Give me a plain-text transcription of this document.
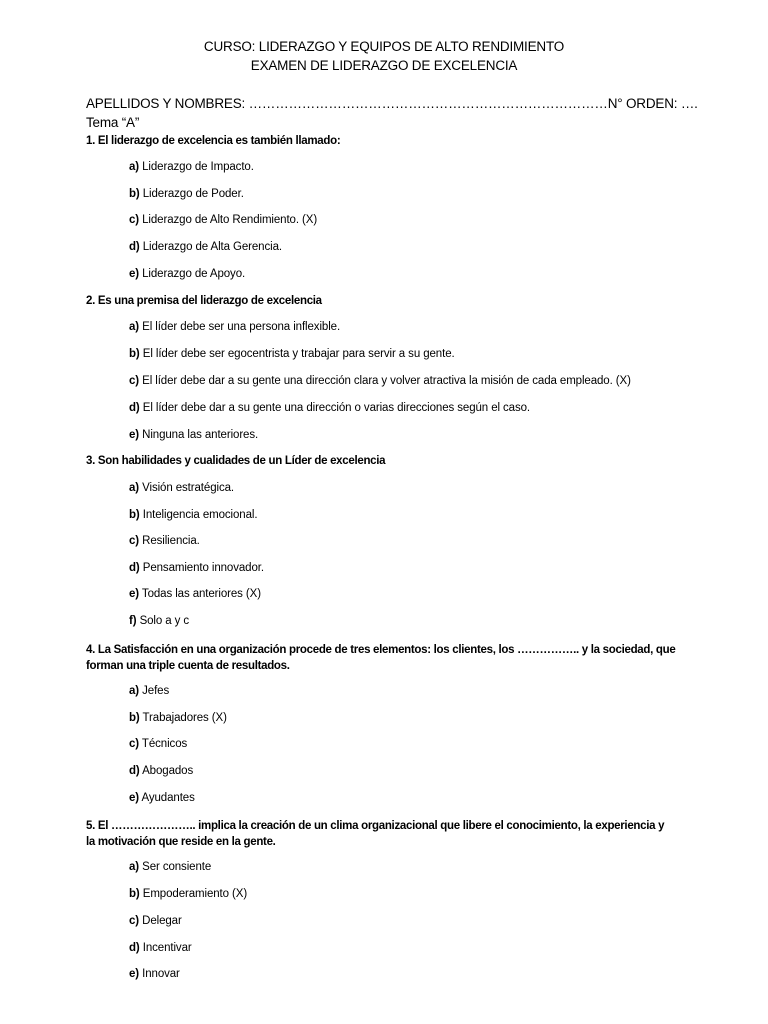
CURSO: LIDERAZGO Y EQUIPOS DE ALTO RENDIMIENTO
EXAMEN DE LIDERAZGO DE EXCELENCIA
APELLIDOS Y NOMBRES: ………………………………………………………………………N° ORDEN: ….
Tema “A”
1. El liderazgo de excelencia es también llamado:
a) Liderazgo de Impacto.
b) Liderazgo de Poder.
c) Liderazgo de Alto Rendimiento. (X)
d) Liderazgo de Alta Gerencia.
e) Liderazgo de Apoyo.
2. Es una premisa del liderazgo de excelencia
a) El líder debe ser una persona inflexible.
b) El líder debe ser egocentrista y trabajar para servir a su gente.
c) El líder debe dar a su gente una dirección clara y volver atractiva la misión de cada empleado. (X)
d) El líder debe dar a su gente una dirección o varias direcciones según el caso.
e) Ninguna las anteriores.
3. Son habilidades y cualidades de un Líder de excelencia
a) Visión estratégica.
b) Inteligencia emocional.
c) Resiliencia.
d) Pensamiento innovador.
e) Todas las anteriores (X)
f) Solo a y c
4. La Satisfacción en una organización procede de tres elementos: los clientes, los …………….. y la sociedad, que forman una triple cuenta de resultados.
a) Jefes
b) Trabajadores (X)
c) Técnicos
d) Abogados
e) Ayudantes
5. El ………………….. implica la creación de un clima organizacional que libere el conocimiento, la experiencia y la motivación que reside en la gente.
a) Ser consiente
b) Empoderamiento (X)
c) Delegar
d) Incentivar
e) Innovar
